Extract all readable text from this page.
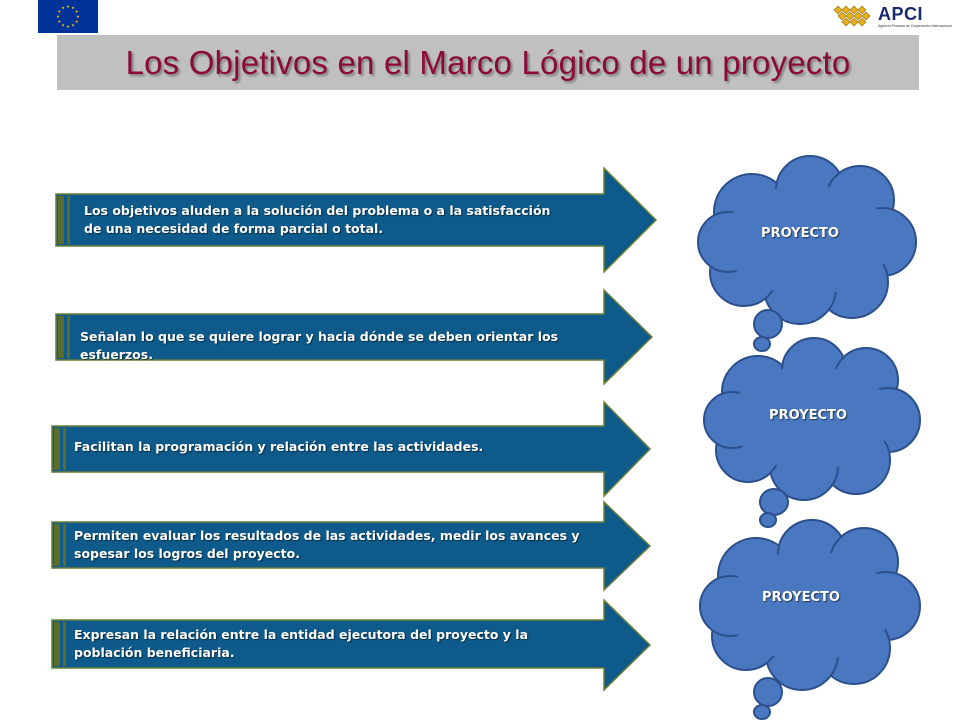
APCI
Agencia Peruana de Cooperación Internacional
Los Objetivos en el Marco Lógico de un proyecto
Los objetivos aluden a la solución del problema o a la satisfacción de una necesidad de forma parcial o total.
Señalan lo que se quiere lograr y hacia dónde se deben orientar los esfuerzos.
Facilitan la programación y relación entre las actividades.
Permiten evaluar los resultados de las actividades, medir los avances y sopesar los logros del proyecto.
Expresan la relación entre la entidad ejecutora del proyecto y la población beneficiaria.
PROYECTO
PROYECTO
PROYECTO
